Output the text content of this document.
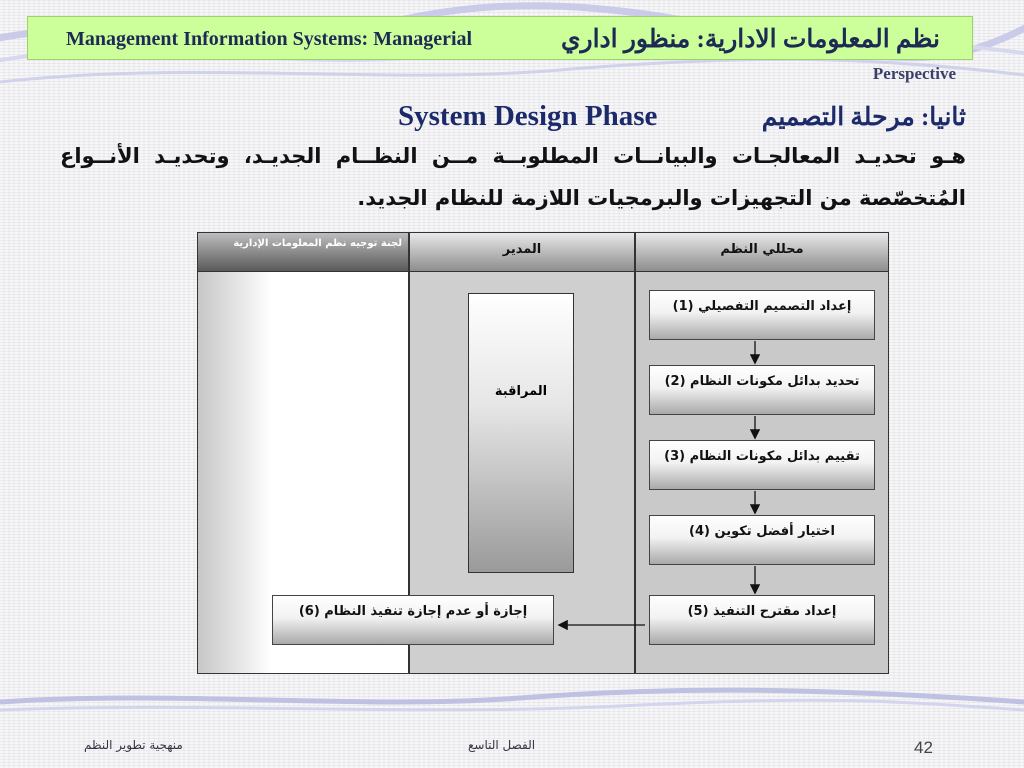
Management Information Systems: Managerial	نظم المعلومات الادارية: منظور اداري
Perspective
System Design Phase	ثانيا: مرحلة التصميم
هـو تحديـد المعالجـات والبيانــات المطلوبــة مــن النظــام الجديـد، وتحديـد الأنــواع
المُتخصّصة من التجهيزات والبرمجيات اللازمة للنظام الجديد.
لجنة توجيه نظم المعلومات الإدارية	المدير	محللي النظم
المراقبة
إعداد التصميم التفصيلي (1)
تحديد بدائل مكونات النظام (2)
تقييم بدائل مكونات النظام (3)
اختيار أفضل تكوين (4)
إعداد مقترح التنفيذ (5)
إجازة أو عدم إجازة تنفيذ النظام (6)
منهجية تطوير النظم	الفصل التاسع	42
